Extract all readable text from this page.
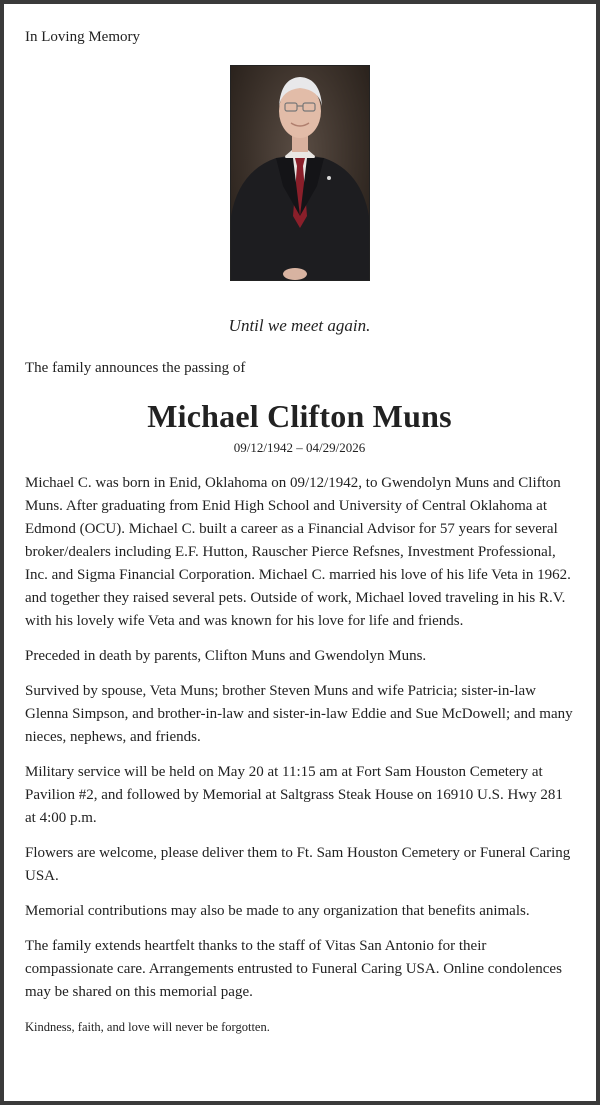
In Loving Memory
Until we meet again.
The family announces the passing of
Michael Clifton Muns
09/12/1942 – 04/29/2026

Michael C. was born in Enid, Oklahoma on 09/12/1942, to Gwendolyn Muns and Clifton Muns. After graduating from Enid High School and University of Central Oklahoma at Edmond (OCU). Michael C. built a career as a Financial Advisor for 57 years for several broker/dealers including E.F. Hutton, Rauscher Pierce Refsnes, Investment Professional, Inc. and Sigma Financial Corporation. Michael C. married his love of his life Veta in 1962. and together they raised several pets. Outside of work, Michael loved traveling in his R.V. with his lovely wife Veta and was known for his love for life and friends.

Preceded in death by parents, Clifton Muns and Gwendolyn Muns.

Survived by spouse, Veta Muns; brother Steven Muns and wife Patricia; sister-in-law Glenna Simpson, and brother-in-law and sister-in-law Eddie and Sue McDowell; and many nieces, nephews, and friends.

Military service will be held on May 20 at 11:15 am at Fort Sam Houston Cemetery at Pavilion #2, and followed by Memorial at Saltgrass Steak House on 16910 U.S. Hwy 281 at 4:00 p.m.

Flowers are welcome, please deliver them to Ft. Sam Houston Cemetery or Funeral Caring USA.

Memorial contributions may also be made to any organization that benefits animals.

The family extends heartfelt thanks to the staff of Vitas San Antonio for their compassionate care. Arrangements entrusted to Funeral Caring USA. Online condolences may be shared on this memorial page.

Kindness, faith, and love will never be forgotten.
